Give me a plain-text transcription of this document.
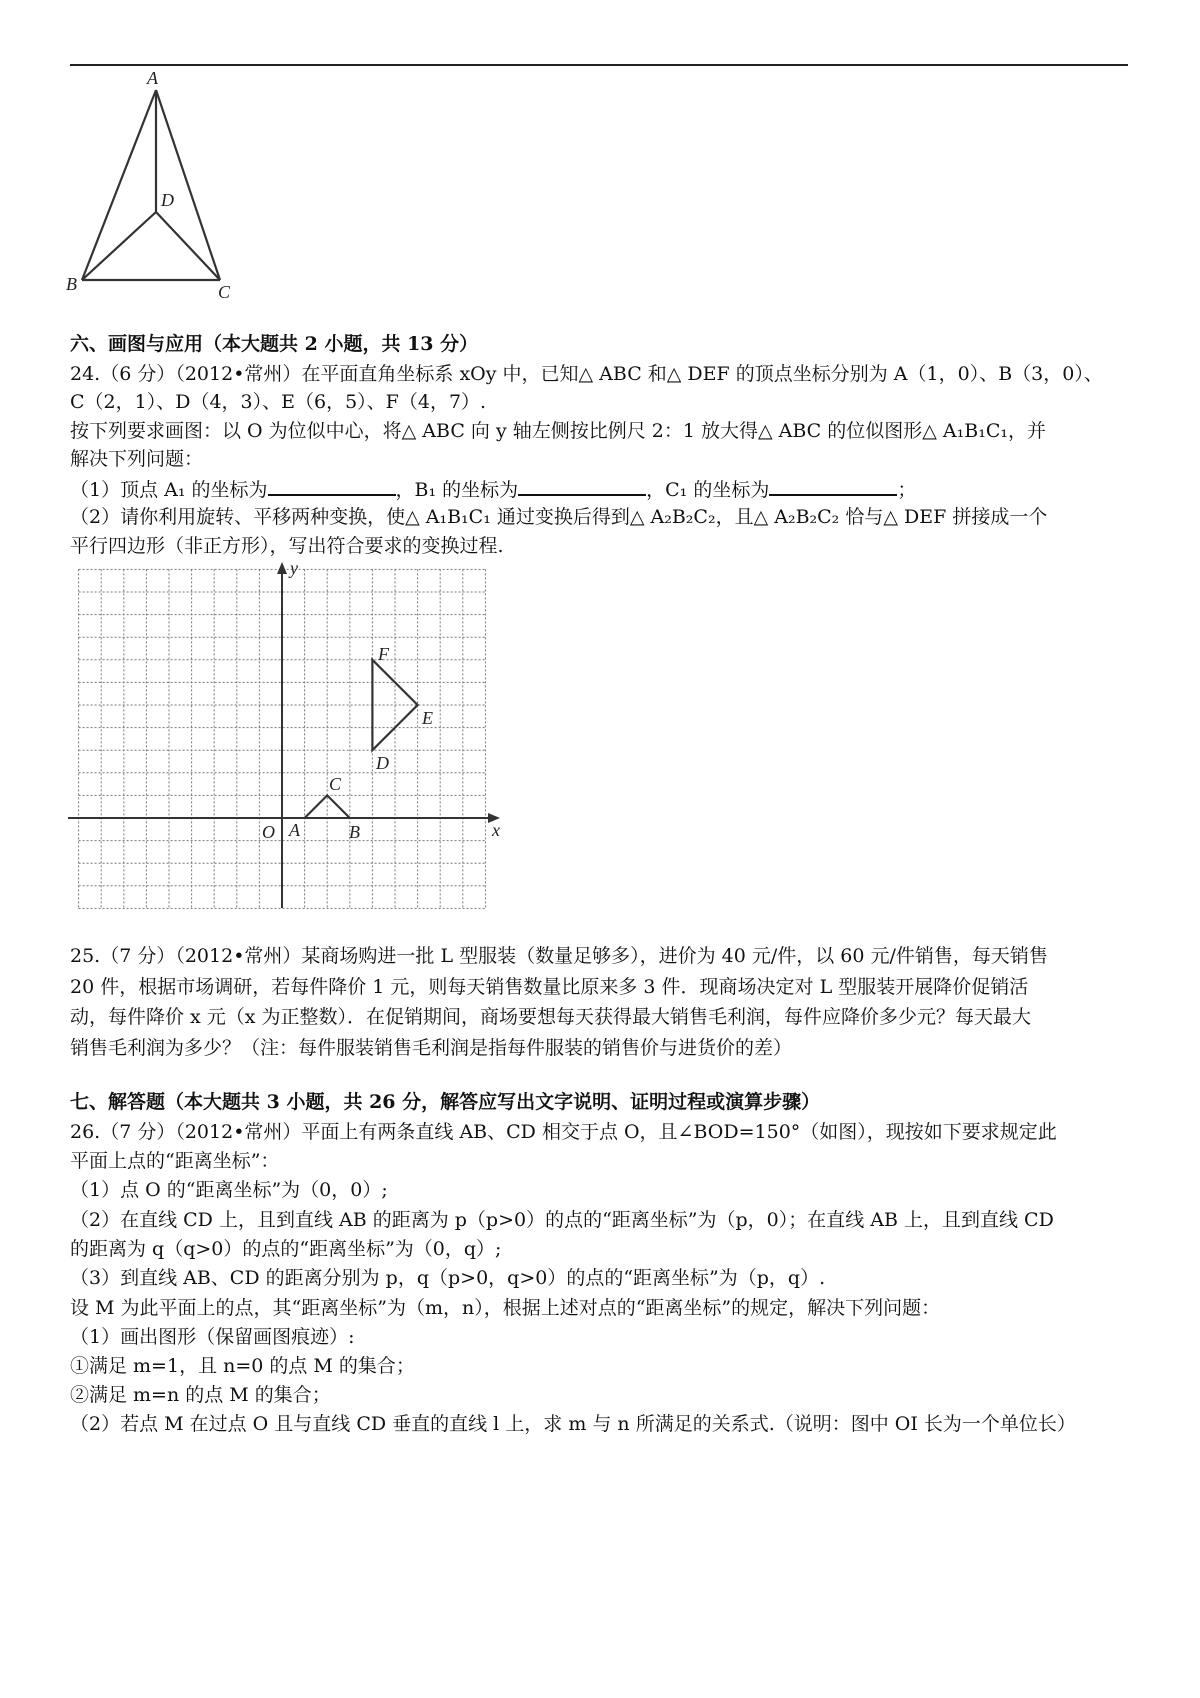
A
D
B	C
六、画图与应用（本大题共 2 小题，共 13 分）
24.（6 分）（2012•常州）在平面直角坐标系 xOy 中，已知△ ABC 和△ DEF 的顶点坐标分别为 A（1，0）、B（3，0）、
C（2，1）、D（4，3）、E（6，5）、F（4，7）.
按下列要求画图：以 O 为位似中心，将△ ABC 向 y 轴左侧按比例尺 2：1 放大得△ ABC 的位似图形△ A₁B₁C₁，并
解决下列问题：
（1）顶点 A₁ 的坐标为	，B₁ 的坐标为	，C₁ 的坐标为	；
（2）请你利用旋转、平移两种变换，使△ A₁B₁C₁ 通过变换后得到△ A₂B₂C₂，且△ A₂B₂C₂ 恰与△ DEF 拼接成一个
平行四边形（非正方形），写出符合要求的变换过程.
y
x
O A	B
C
D
E
F
25.（7 分）（2012•常州）某商场购进一批 L 型服装（数量足够多），进价为 40 元/件，以 60 元/件销售，每天销售
20 件，根据市场调研，若每件降价 1 元，则每天销售数量比原来多 3 件．现商场决定对 L 型服装开展降价促销活
动，每件降价 x 元（x 为正整数）．在促销期间，商场要想每天获得最大销售毛利润，每件应降价多少元？每天最大
销售毛利润为多少？（注：每件服装销售毛利润是指每件服装的销售价与进货价的差）
七、解答题（本大题共 3 小题，共 26 分，解答应写出文字说明、证明过程或演算步骤）
26.（7 分）（2012•常州）平面上有两条直线 AB、CD 相交于点 O，且∠BOD=150°（如图），现按如下要求规定此
平面上点的“距离坐标”：
（1）点 O 的“距离坐标”为（0，0）;
（2）在直线 CD 上，且到直线 AB 的距离为 p（p>0）的点的“距离坐标”为（p，0）；在直线 AB 上，且到直线 CD
的距离为 q（q>0）的点的“距离坐标”为（0，q）;
（3）到直线 AB、CD 的距离分别为 p，q（p>0，q>0）的点的“距离坐标”为（p，q）.
设 M 为此平面上的点，其“距离坐标”为（m，n），根据上述对点的“距离坐标”的规定，解决下列问题：
（1）画出图形（保留画图痕迹）:
①满足 m=1，且 n=0 的点 M 的集合；
②满足 m=n 的点 M 的集合；
（2）若点 M 在过点 O 且与直线 CD 垂直的直线 l 上，求 m 与 n 所满足的关系式.（说明：图中 OI 长为一个单位长）
